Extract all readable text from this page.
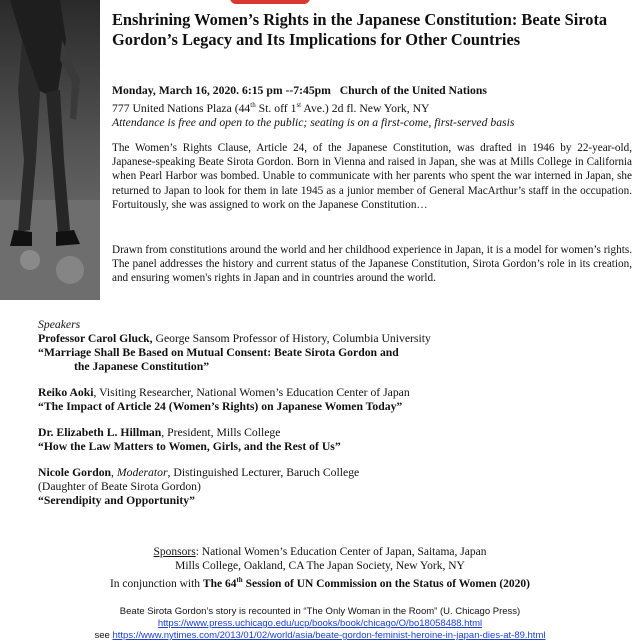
Enshrining Women’s Rights in the Japanese Constitution: Beate Sirota Gordon’s Legacy and Its Implications for Other Countries
Monday, March 16, 2020. 6:15 pm --7:45pm Church of the United Nations
777 United Nations Plaza (44th St. off 1st Ave.) 2d fl. New York, NY
Attendance is free and open to the public; seating is on a first-come, first-served basis
The Women’s Rights Clause, Article 24, of the Japanese Constitution, was drafted in 1946 by 22-year-old, Japanese-speaking Beate Sirota Gordon. Born in Vienna and raised in Japan, she was at Mills College in California when Pearl Harbor was bombed. Unable to communicate with her parents who spent the war interned in Japan, she returned to Japan to look for them in late 1945 as a junior member of General MacArthur’s staff in the occupation. Fortuitously, she was assigned to work on the Japanese Constitution…
Drawn from constitutions around the world and her childhood experience in Japan, it is a model for women’s rights. The panel addresses the history and current status of the Japanese Constitution, Sirota Gordon’s role in its creation, and ensuring women's rights in Japan and in countries around the world.
Speakers
Professor Carol Gluck, George Sansom Professor of History, Columbia University
“Marriage Shall Be Based on Mutual Consent: Beate Sirota Gordon and
the Japanese Constitution”
Reiko Aoki, Visiting Researcher, National Women’s Education Center of Japan
“The Impact of Article 24 (Women’s Rights) on Japanese Women Today”
Dr. Elizabeth L. Hillman, President, Mills College
“How the Law Matters to Women, Girls, and the Rest of Us”
Nicole Gordon, Moderator, Distinguished Lecturer, Baruch College
(Daughter of Beate Sirota Gordon)
“Serendipity and Opportunity”
Sponsors: National Women’s Education Center of Japan, Saitama, Japan
Mills College, Oakland, CA The Japan Society, New York, NY
In conjunction with The 64th Session of UN Commission on the Status of Women (2020)
Beate Sirota Gordon’s story is recounted in “The Only Woman in the Room” (U. Chicago Press)
https://www.press.uchicago.edu/ucp/books/book/chicago/O/bo18058488.html
see https://www.nytimes.com/2013/01/02/world/asia/beate-gordon-feminist-heroine-in-japan-dies-at-89.html
